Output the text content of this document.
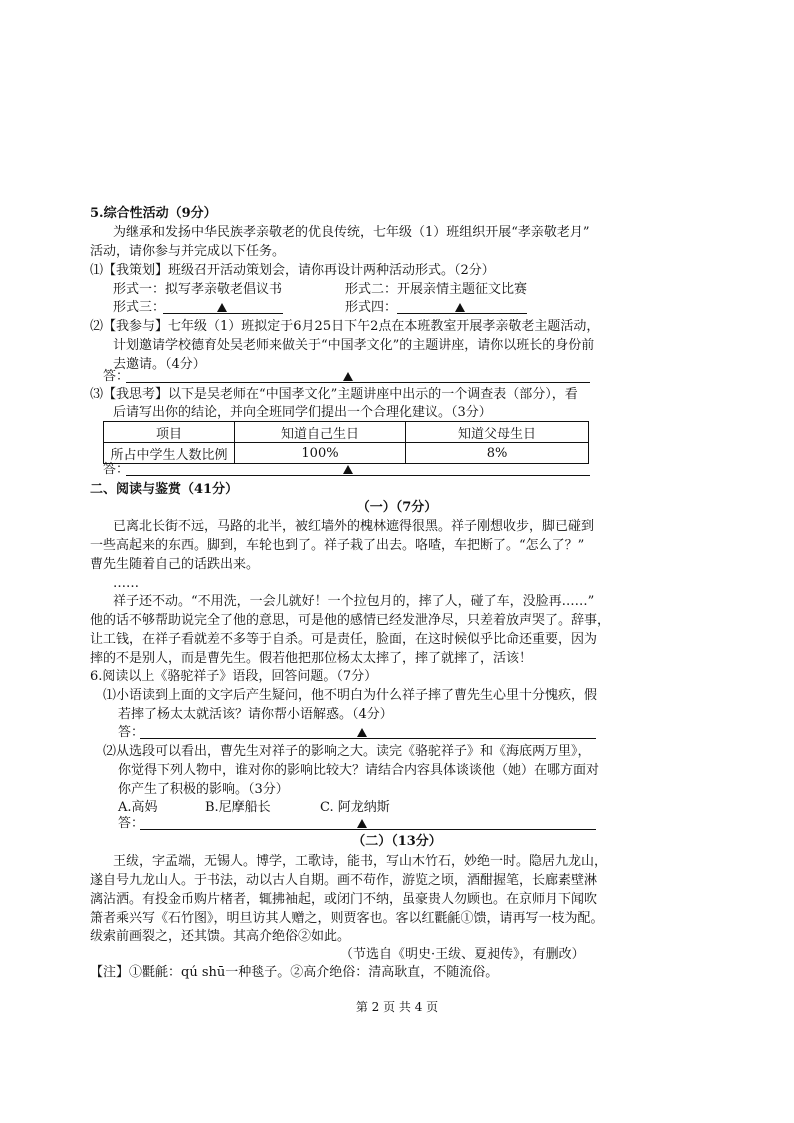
5.综合性活动（9分）
为继承和发扬中华民族孝亲敬老的优良传统，七年级（1）班组织开展“孝亲敬老月”
活动，请你参与并完成以下任务。
⑴【我策划】班级召开活动策划会，请你再设计两种活动形式。（2分）
形式一：拟写孝亲敬老倡议书	形式二：开展亲情主题征文比赛
形式三：	形式四：
⑵【我参与】七年级（1）班拟定于6月25日下午2点在本班教室开展孝亲敬老主题活动，
计划邀请学校德育处吴老师来做关于“中国孝文化”的主题讲座，请你以班长的身份前
去邀请。（4分）
答：
⑶【我思考】以下是吴老师在“中国孝文化”主题讲座中出示的一个调查表（部分），看
后请写出你的结论，并向全班同学们提出一个合理化建议。（3分）
项目	知道自己生日	知道父母生日
所占中学生人数比例	100%	8%
答：
二、阅读与鉴赏（41分）
（一）（7分）
已离北长街不远，马路的北半，被红墙外的槐林遮得很黑。祥子刚想收步，脚已碰到
一些高起来的东西。脚到，车轮也到了。祥子栽了出去。咯喳，车把断了。“怎么了？”
曹先生随着自己的话跌出来。
……
祥子还不动。“不用洗，一会儿就好！一个拉包月的，摔了人，碰了车，没脸再……”
他的话不够帮助说完全了他的意思，可是他的感情已经发泄净尽，只差着放声哭了。辞事，
让工钱，在祥子看就差不多等于自杀。可是责任，脸面，在这时候似乎比命还重要，因为
摔的不是别人，而是曹先生。假若他把那位杨太太摔了，摔了就摔了，活该！
6.阅读以上《骆驼祥子》语段，回答问题。（7分）
⑴小语读到上面的文字后产生疑问，他不明白为什么祥子摔了曹先生心里十分愧疚，假
若摔了杨太太就活该？请你帮小语解惑。（4分）
答：
⑵从选段可以看出，曹先生对祥子的影响之大。读完《骆驼祥子》和《海底两万里》，
你觉得下列人物中，谁对你的影响比较大？请结合内容具体谈谈他（她）在哪方面对
你产生了积极的影响。（3分）
A.高妈	B.尼摩船长	C. 阿龙纳斯
答：
（二）（13分）
王绂，字孟端，无锡人。博学，工歌诗，能书，写山木竹石，妙绝一时。隐居九龙山，
遂自号九龙山人。于书法，动以古人自期。画不苟作，游览之顷，酒酣握笔，长廊素壁淋
漓沾洒。有投金币购片楮者，辄拂袖起，或闭门不纳，虽豪贵人勿顾也。在京师月下闻吹
箫者乘兴写《石竹图》，明旦访其人赠之，则贾客也。客以红氍毹①馈，请再写一枝为配。
绂索前画裂之，还其馈。其高介绝俗②如此。
（节选自《明史·王绂、夏昶传》，有删改）
【注】①氍毹：qú shū一种毯子。②高介绝俗：清高耿直，不随流俗。
第 2 页 共 4 页
